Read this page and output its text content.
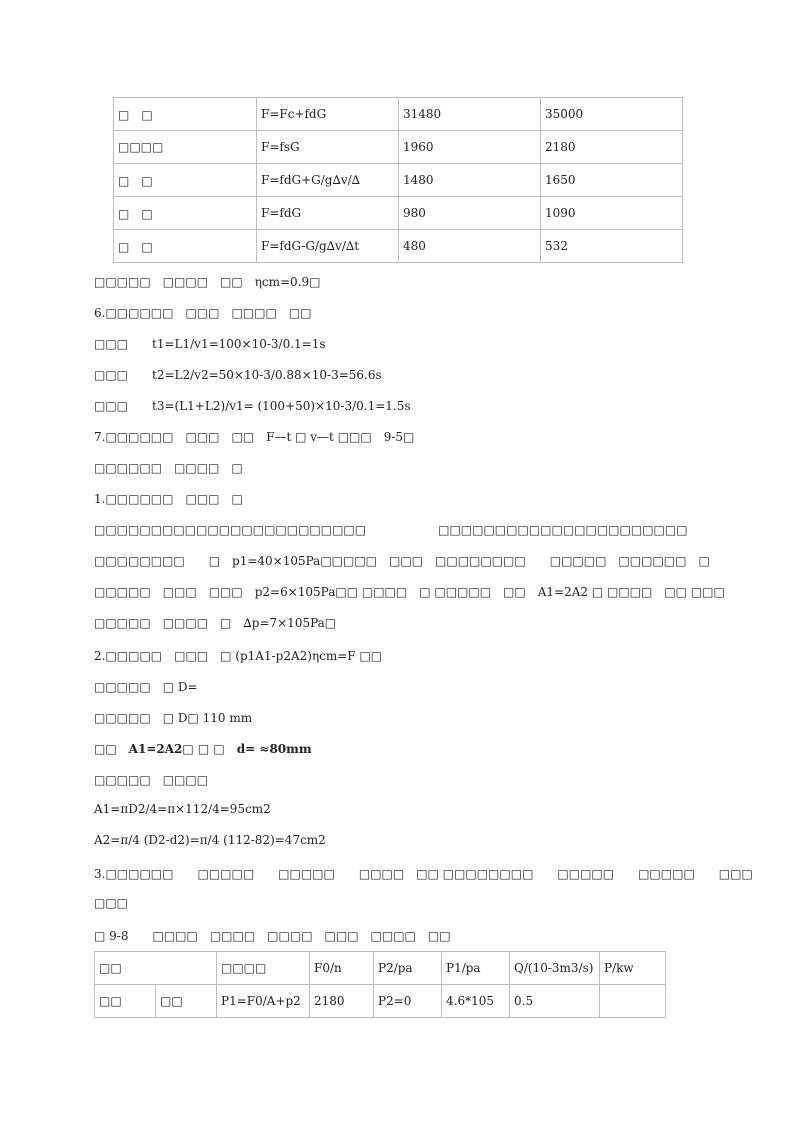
□　□	F=Fc+fdG	31480	35000
□□□□	F=fsG	1960	2180
□　□	F=fdG+G/g∆v/∆	1480	1650
□　□	F=fdG	980	1090
□　□	F=fdG-G/g∆v/∆t	480	532
□□□□□　□□□□　□□　ηcm=0.9□
6.□□□□□□　□□□　□□□□　□□
□□□　　t1=L1/v1=100×10-3/0.1=1s
□□□　　t2=L2/v2=50×10-3/0.88×10-3=56.6s
□□□　　t3=(L1+L2)/v1= (100+50)×10-3/0.1=1.5s
7.□□□□□□　□□□　□□　F—t □ v—t □□□　9-5□
□□□□□□　□□□□　□
1.□□□□□□　□□□　□
□□□□□□□□□□□□□□□□□□□□□□□□　　　　　　□□□□□□□□□□□□□□□□□□□□□□
□□□□□□□□　　□　p1=40×105Pa□□□□□　□□□　□□□□□□□□　　□□□□□　□□□□□□　□
□□□□□　□□□　□□□　p2=6×105Pa□□ □□□□　□ □□□□□　□□　A1=2A2 □ □□□□　□□ □□□
□□□□□　□□□□　□　∆p=7×105Pa□
2.□□□□□　□□□　□ (p1A1-p2A2)ηcm=F □□
□□□□□　□ D=
□□□□□　□ D□ 110 mm
□□　A1=2A2□ □ □　d= ≈80mm
□□□□□　□□□□
A1=πD2/4=π×112/4=95cm2
A2=π/4 (D2-d2)=π/4 (112-82)=47cm2
3.□□□□□□　　□□□□□　　□□□□□　　□□□□　□□ □□□□□□□□　　□□□□□　　□□□□□　　□□□
□□□
□ 9-8　　□□□□　□□□□　□□□□　□□□　□□□□　□□
□□		□□□□	F0/n	P2/pa	P1/pa	Q/(10-3m3/s)	P/kw
□□	□□	P1=F0/A+p2	2180	P2=0	4.6*105	0.5	
